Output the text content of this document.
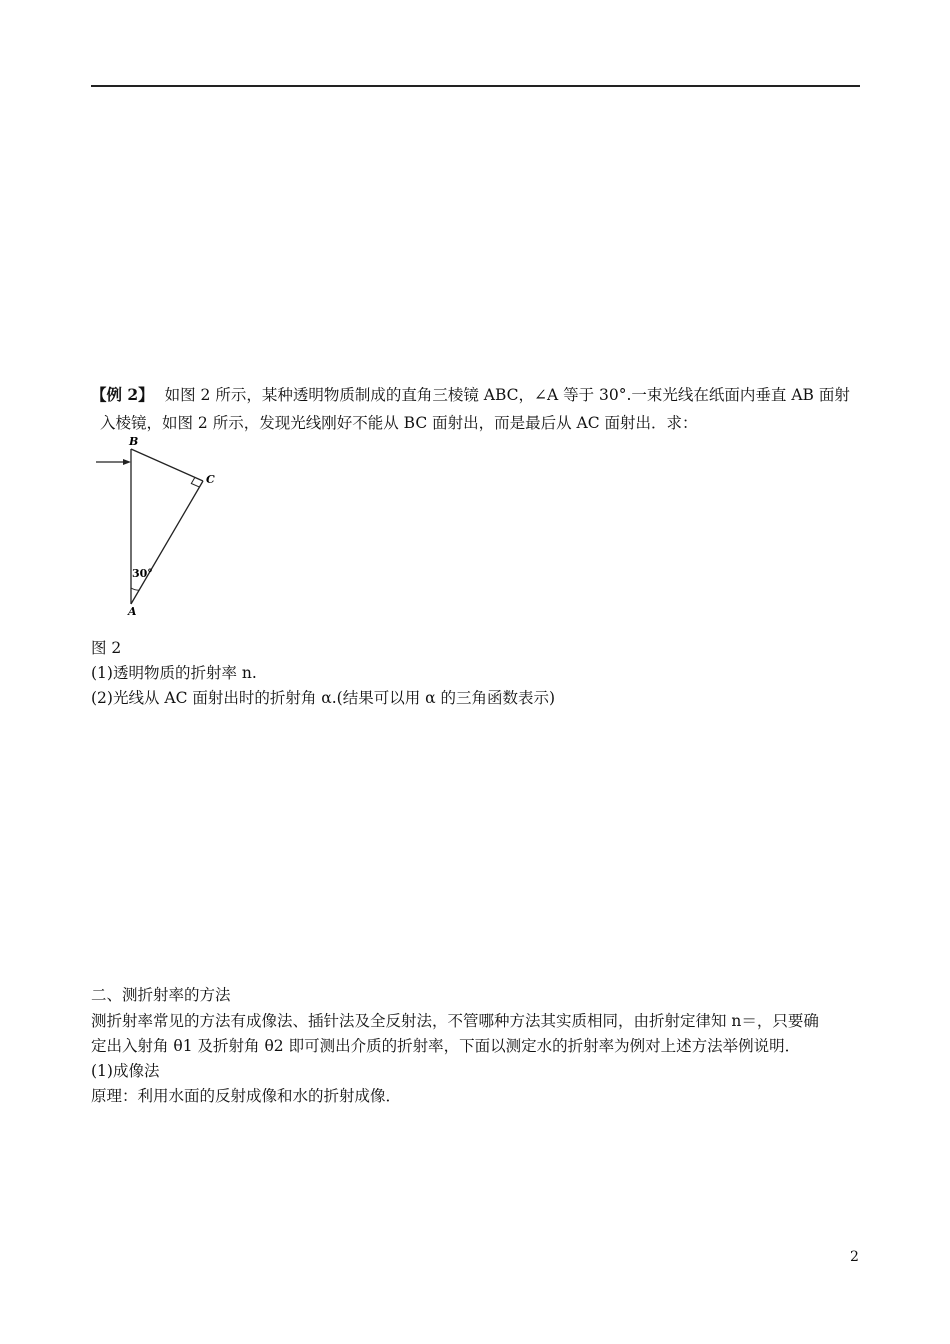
【例 2】 如图 2 所示，某种透明物质制成的直角三棱镜 ABC，∠A 等于 30°.一束光线在纸面内垂直 AB 面射
入棱镜，如图 2 所示，发现光线刚好不能从 BC 面射出，而是最后从 AC 面射出．求：
B
C
A
30°
图 2
(1)透明物质的折射率 n.
(2)光线从 AC 面射出时的折射角 α.(结果可以用 α 的三角函数表示)
二、测折射率的方法
测折射率常见的方法有成像法、插针法及全反射法，不管哪种方法其实质相同，由折射定律知 n＝，只要确
定出入射角 θ1 及折射角 θ2 即可测出介质的折射率，下面以测定水的折射率为例对上述方法举例说明．
(1)成像法
原理：利用水面的反射成像和水的折射成像．
2
